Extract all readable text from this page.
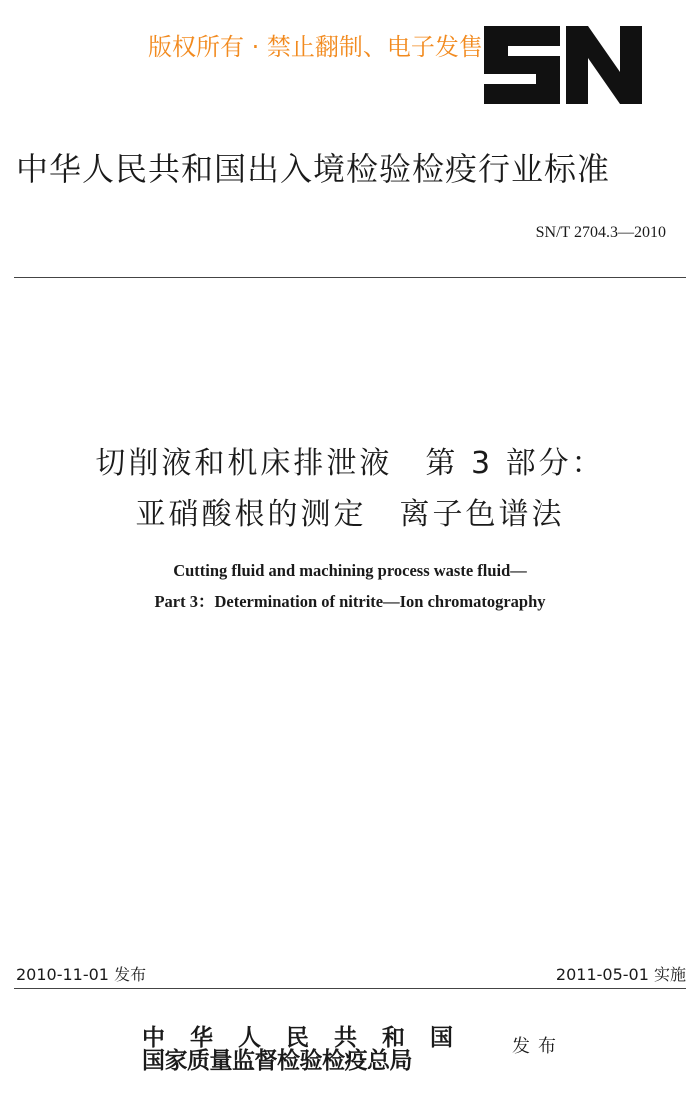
版权所有 · 禁止翻制、电子发售
中华人民共和国出入境检验检疫行业标准
SN/T 2704.3—2010
切削液和机床排泄液　第 3 部分：
亚硝酸根的测定　离子色谱法
Cutting fluid and machining process waste fluid—
Part 3：Determination of nitrite—Ion chromatography
2010-11-01 发布	2011-05-01 实施
中　华　人　民　共　和　国
国家质量监督检验检疫总局
发布
